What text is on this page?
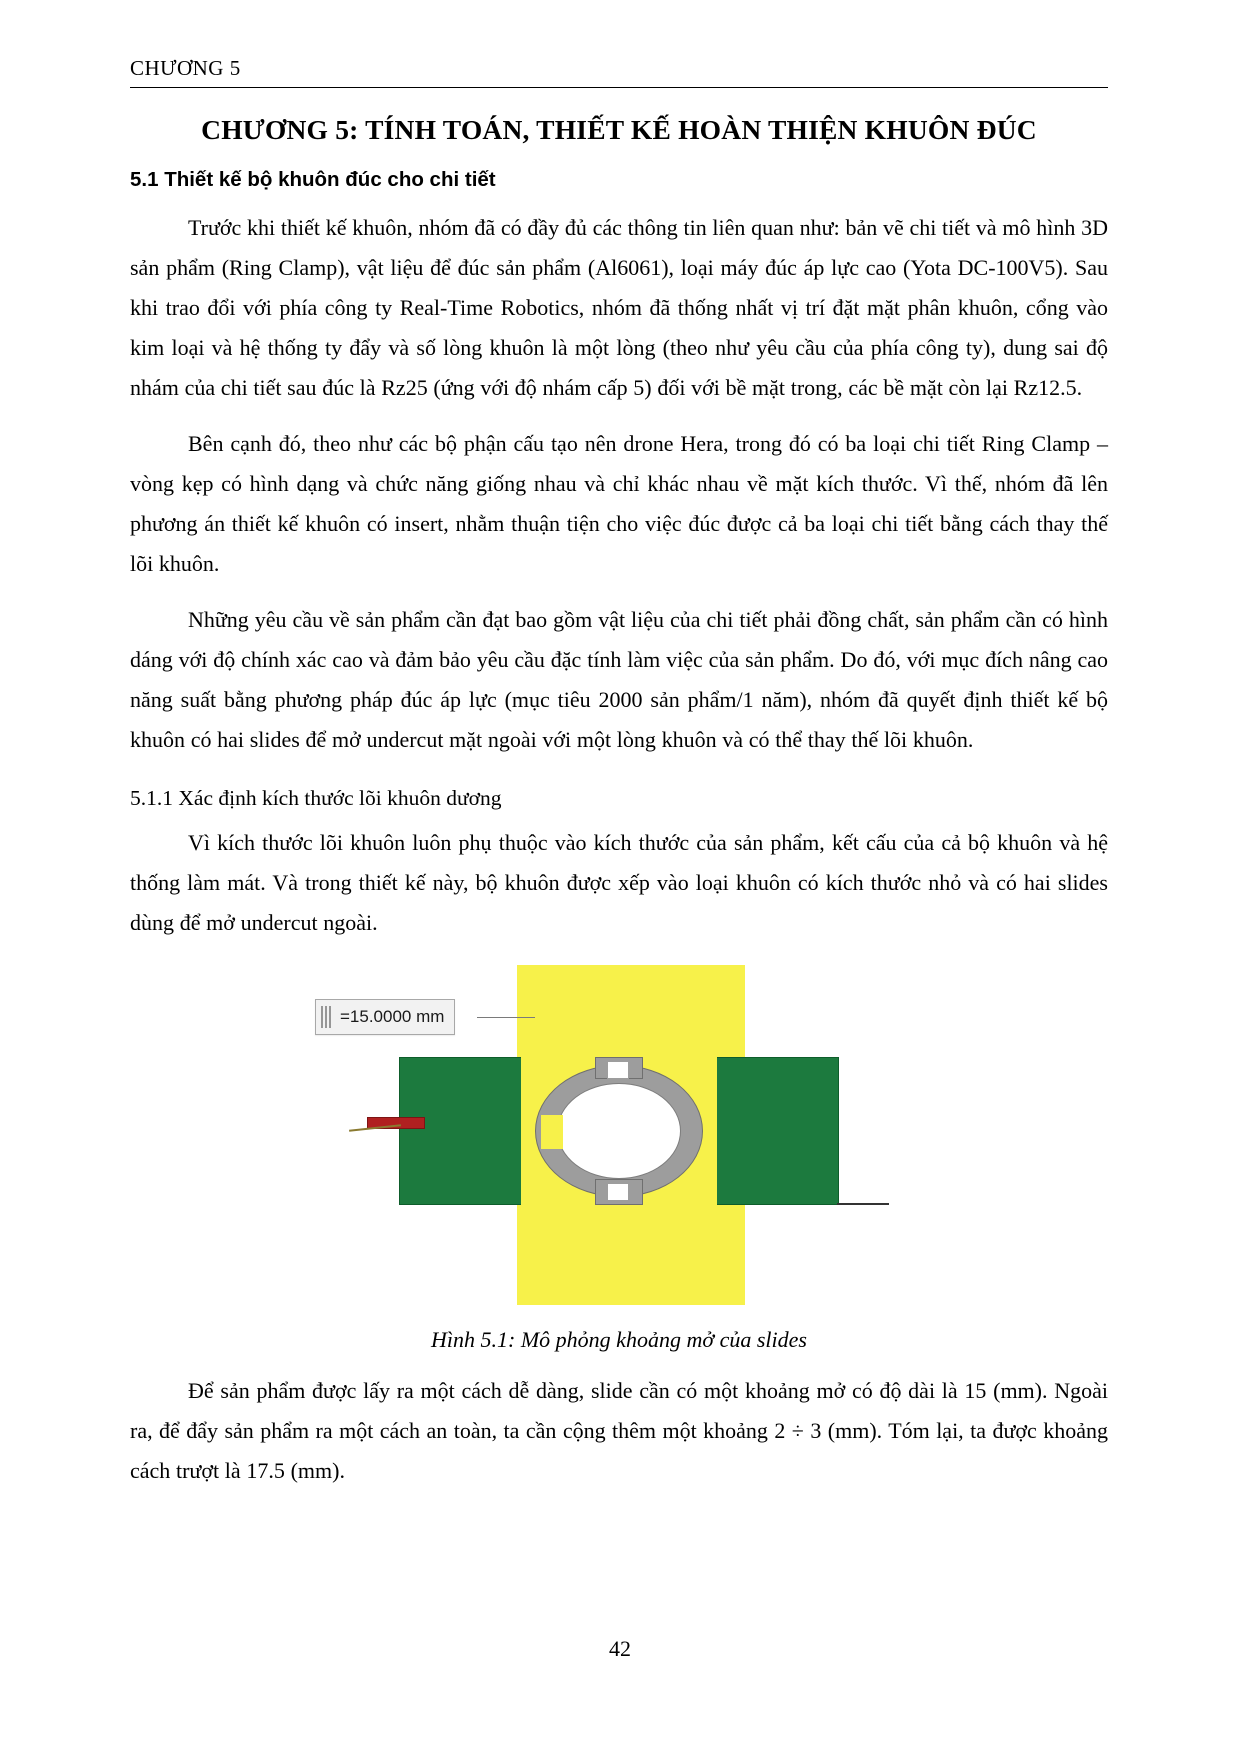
CHƯƠNG 5
CHƯƠNG 5: TÍNH TOÁN, THIẾT KẾ HOÀN THIỆN KHUÔN ĐÚC
5.1 Thiết kế bộ khuôn đúc cho chi tiết

Trước khi thiết kế khuôn, nhóm đã có đầy đủ các thông tin liên quan như: bản vẽ chi tiết và mô hình 3D sản phẩm (Ring Clamp), vật liệu để đúc sản phẩm (Al6061), loại máy đúc áp lực cao (Yota DC-100V5). Sau khi trao đổi với phía công ty Real-Time Robotics, nhóm đã thống nhất vị trí đặt mặt phân khuôn, cổng vào kim loại và hệ thống ty đẩy và số lòng khuôn là một lòng (theo như yêu cầu của phía công ty), dung sai độ nhám của chi tiết sau đúc là Rz25 (ứng với độ nhám cấp 5) đối với bề mặt trong, các bề mặt còn lại Rz12.5.

Bên cạnh đó, theo như các bộ phận cấu tạo nên drone Hera, trong đó có ba loại chi tiết Ring Clamp – vòng kẹp có hình dạng và chức năng giống nhau và chỉ khác nhau về mặt kích thước. Vì thế, nhóm đã lên phương án thiết kế khuôn có insert, nhằm thuận tiện cho việc đúc được cả ba loại chi tiết bằng cách thay thế lõi khuôn.

Những yêu cầu về sản phẩm cần đạt bao gồm vật liệu của chi tiết phải đồng chất, sản phẩm cần có hình dáng với độ chính xác cao và đảm bảo yêu cầu đặc tính làm việc của sản phẩm. Do đó, với mục đích nâng cao năng suất bằng phương pháp đúc áp lực (mục tiêu 2000 sản phẩm/1 năm), nhóm đã quyết định thiết kế bộ khuôn có hai slides để mở undercut mặt ngoài với một lòng khuôn và có thể thay thế lõi khuôn.

5.1.1 Xác định kích thước lõi khuôn dương

Vì kích thước lõi khuôn luôn phụ thuộc vào kích thước của sản phẩm, kết cấu của cả bộ khuôn và hệ thống làm mát. Và trong thiết kế này, bộ khuôn được xếp vào loại khuôn có kích thước nhỏ và có hai slides dùng để mở undercut ngoài.

=15.0000 mm
Hình 5.1: Mô phỏng khoảng mở của slides

Để sản phẩm được lấy ra một cách dễ dàng, slide cần có một khoảng mở có độ dài là 15 (mm). Ngoài ra, để đẩy sản phẩm ra một cách an toàn, ta cần cộng thêm một khoảng 2 ÷ 3 (mm). Tóm lại, ta được khoảng cách trượt là 17.5 (mm).

42
